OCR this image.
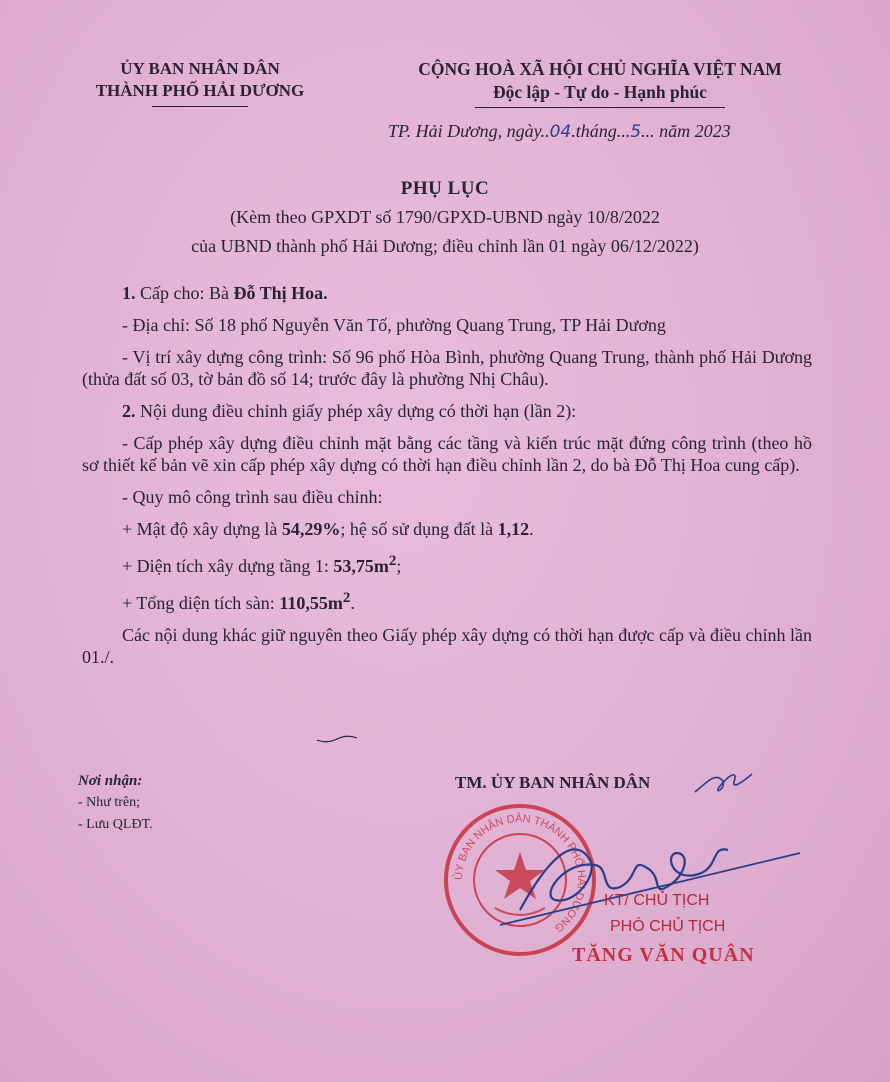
ỦY BAN NHÂN DÂN
THÀNH PHỐ HẢI DƯƠNG
CỘNG HOÀ XÃ HỘI CHỦ NGHĨA VIỆT NAM
Độc lập - Tự do - Hạnh phúc
TP. Hải Dương, ngày..04.tháng...5... năm 2023
PHỤ LỤC
(Kèm theo GPXDT số 1790/GPXD-UBND ngày 10/8/2022
của UBND thành phố Hải Dương; điều chỉnh lần 01 ngày 06/12/2022)

1. Cấp cho: Bà Đỗ Thị Hoa.

- Địa chỉ: Số 18 phố Nguyễn Văn Tố, phường Quang Trung, TP Hải Dương

- Vị trí xây dựng công trình: Số 96 phố Hòa Bình, phường Quang Trung, thành phố Hải Dương (thửa đất số 03, tờ bản đồ số 14; trước đây là phường Nhị Châu).

2. Nội dung điều chỉnh giấy phép xây dựng có thời hạn (lần 2):

- Cấp phép xây dựng điều chỉnh mặt bằng các tầng và kiến trúc mặt đứng công trình (theo hồ sơ thiết kế bản vẽ xin cấp phép xây dựng có thời hạn điều chỉnh lần 2, do bà Đỗ Thị Hoa cung cấp).

- Quy mô công trình sau điều chỉnh:

+ Mật độ xây dựng là 54,29%; hệ số sử dụng đất là 1,12.

+ Diện tích xây dựng tầng 1: $53,75m^2$;

+ Tổng diện tích sàn: $110,55m^2$.

Các nội dung khác giữ nguyên theo Giấy phép xây dựng có thời hạn được cấp và điều chỉnh lần 01./.

Nơi nhận:
- Như trên;
- Lưu QLĐT.
TM. ỦY BAN NHÂN DÂN
ỦY BAN NHÂN DÂN THÀNH PHỐ HẢI DƯƠNG
KT/ CHỦ TỊCH
PHÓ CHỦ TỊCH
TĂNG VĂN QUÂN
